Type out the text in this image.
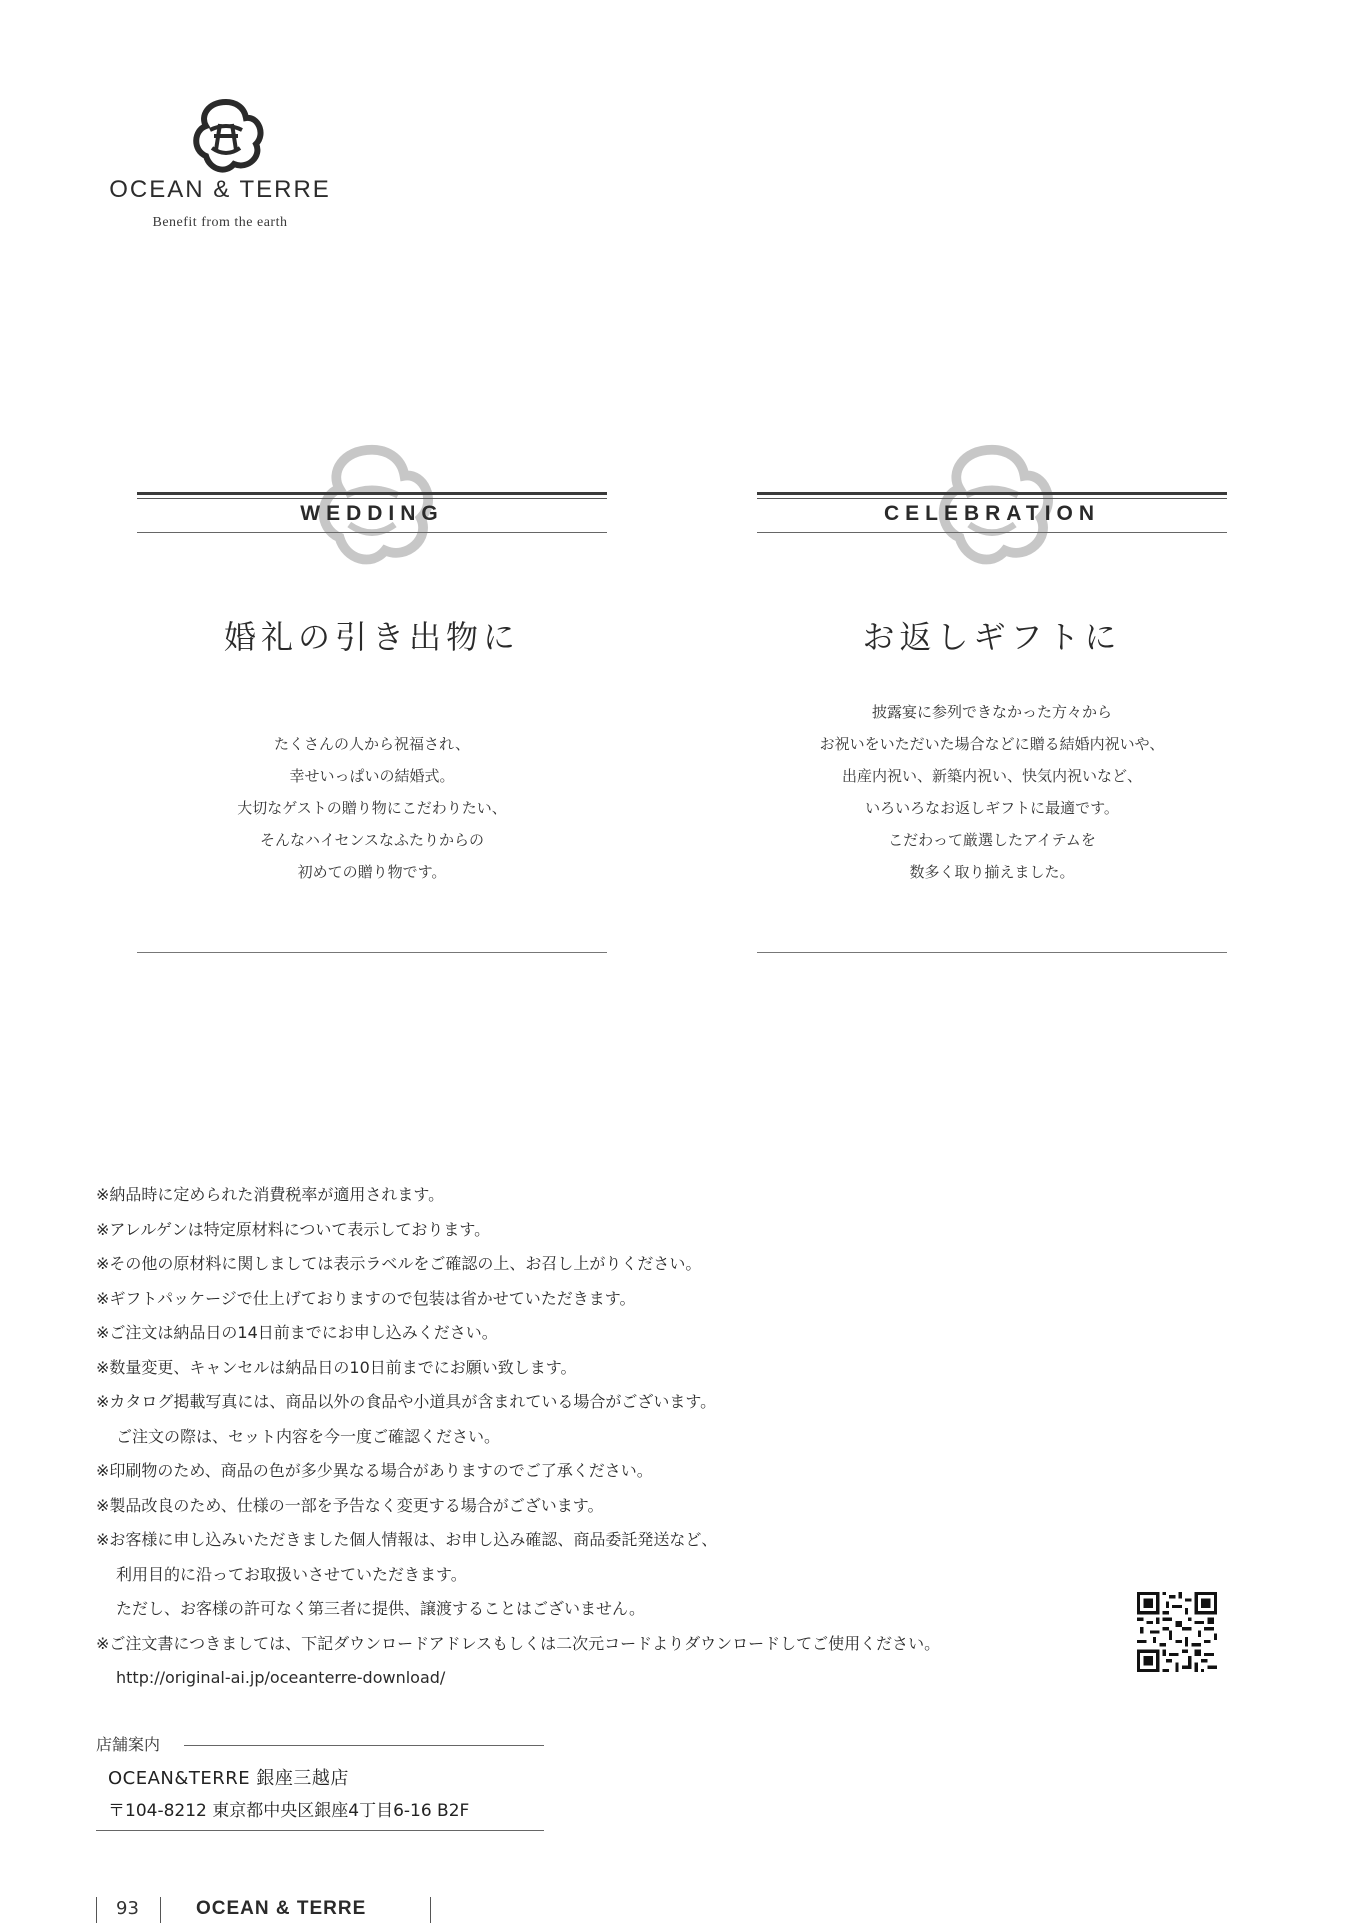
OCEAN & TERRE
Benefit from the earth
WEDDING
婚礼の引き出物に
たくさんの人から祝福され、
幸せいっぱいの結婚式。
大切なゲストの贈り物にこだわりたい、
そんなハイセンスなふたりからの
初めての贈り物です。
CELEBRATION
お返しギフトに
披露宴に参列できなかった方々から
お祝いをいただいた場合などに贈る結婚内祝いや、
出産内祝い、新築内祝い、快気内祝いなど、
いろいろなお返しギフトに最適です。
こだわって厳選したアイテムを
数多く取り揃えました。
※納品時に定められた消費税率が適用されます。
※アレルゲンは特定原材料について表示しております。
※その他の原材料に関しましては表示ラベルをご確認の上、お召し上がりください。
※ギフトパッケージで仕上げておりますので包装は省かせていただきます。
※ご注文は納品日の14日前までにお申し込みください。
※数量変更、キャンセルは納品日の10日前までにお願い致します。
※カタログ掲載写真には、商品以外の食品や小道具が含まれている場合がございます。
ご注文の際は、セット内容を今一度ご確認ください。
※印刷物のため、商品の色が多少異なる場合がありますのでご了承ください。
※製品改良のため、仕様の一部を予告なく変更する場合がございます。
※お客様に申し込みいただきました個人情報は、お申し込み確認、商品委託発送など、
利用目的に沿ってお取扱いさせていただきます。
ただし、お客様の許可なく第三者に提供、譲渡することはございません。
※ご注文書につきましては、下記ダウンロードアドレスもしくは二次元コードよりダウンロードしてご使用ください。
http://original-ai.jp/oceanterre-download/
店舗案内
OCEAN&TERRE 銀座三越店
〒104-8212 東京都中央区銀座4丁目6-16 B2F
93	OCEAN & TERRE
